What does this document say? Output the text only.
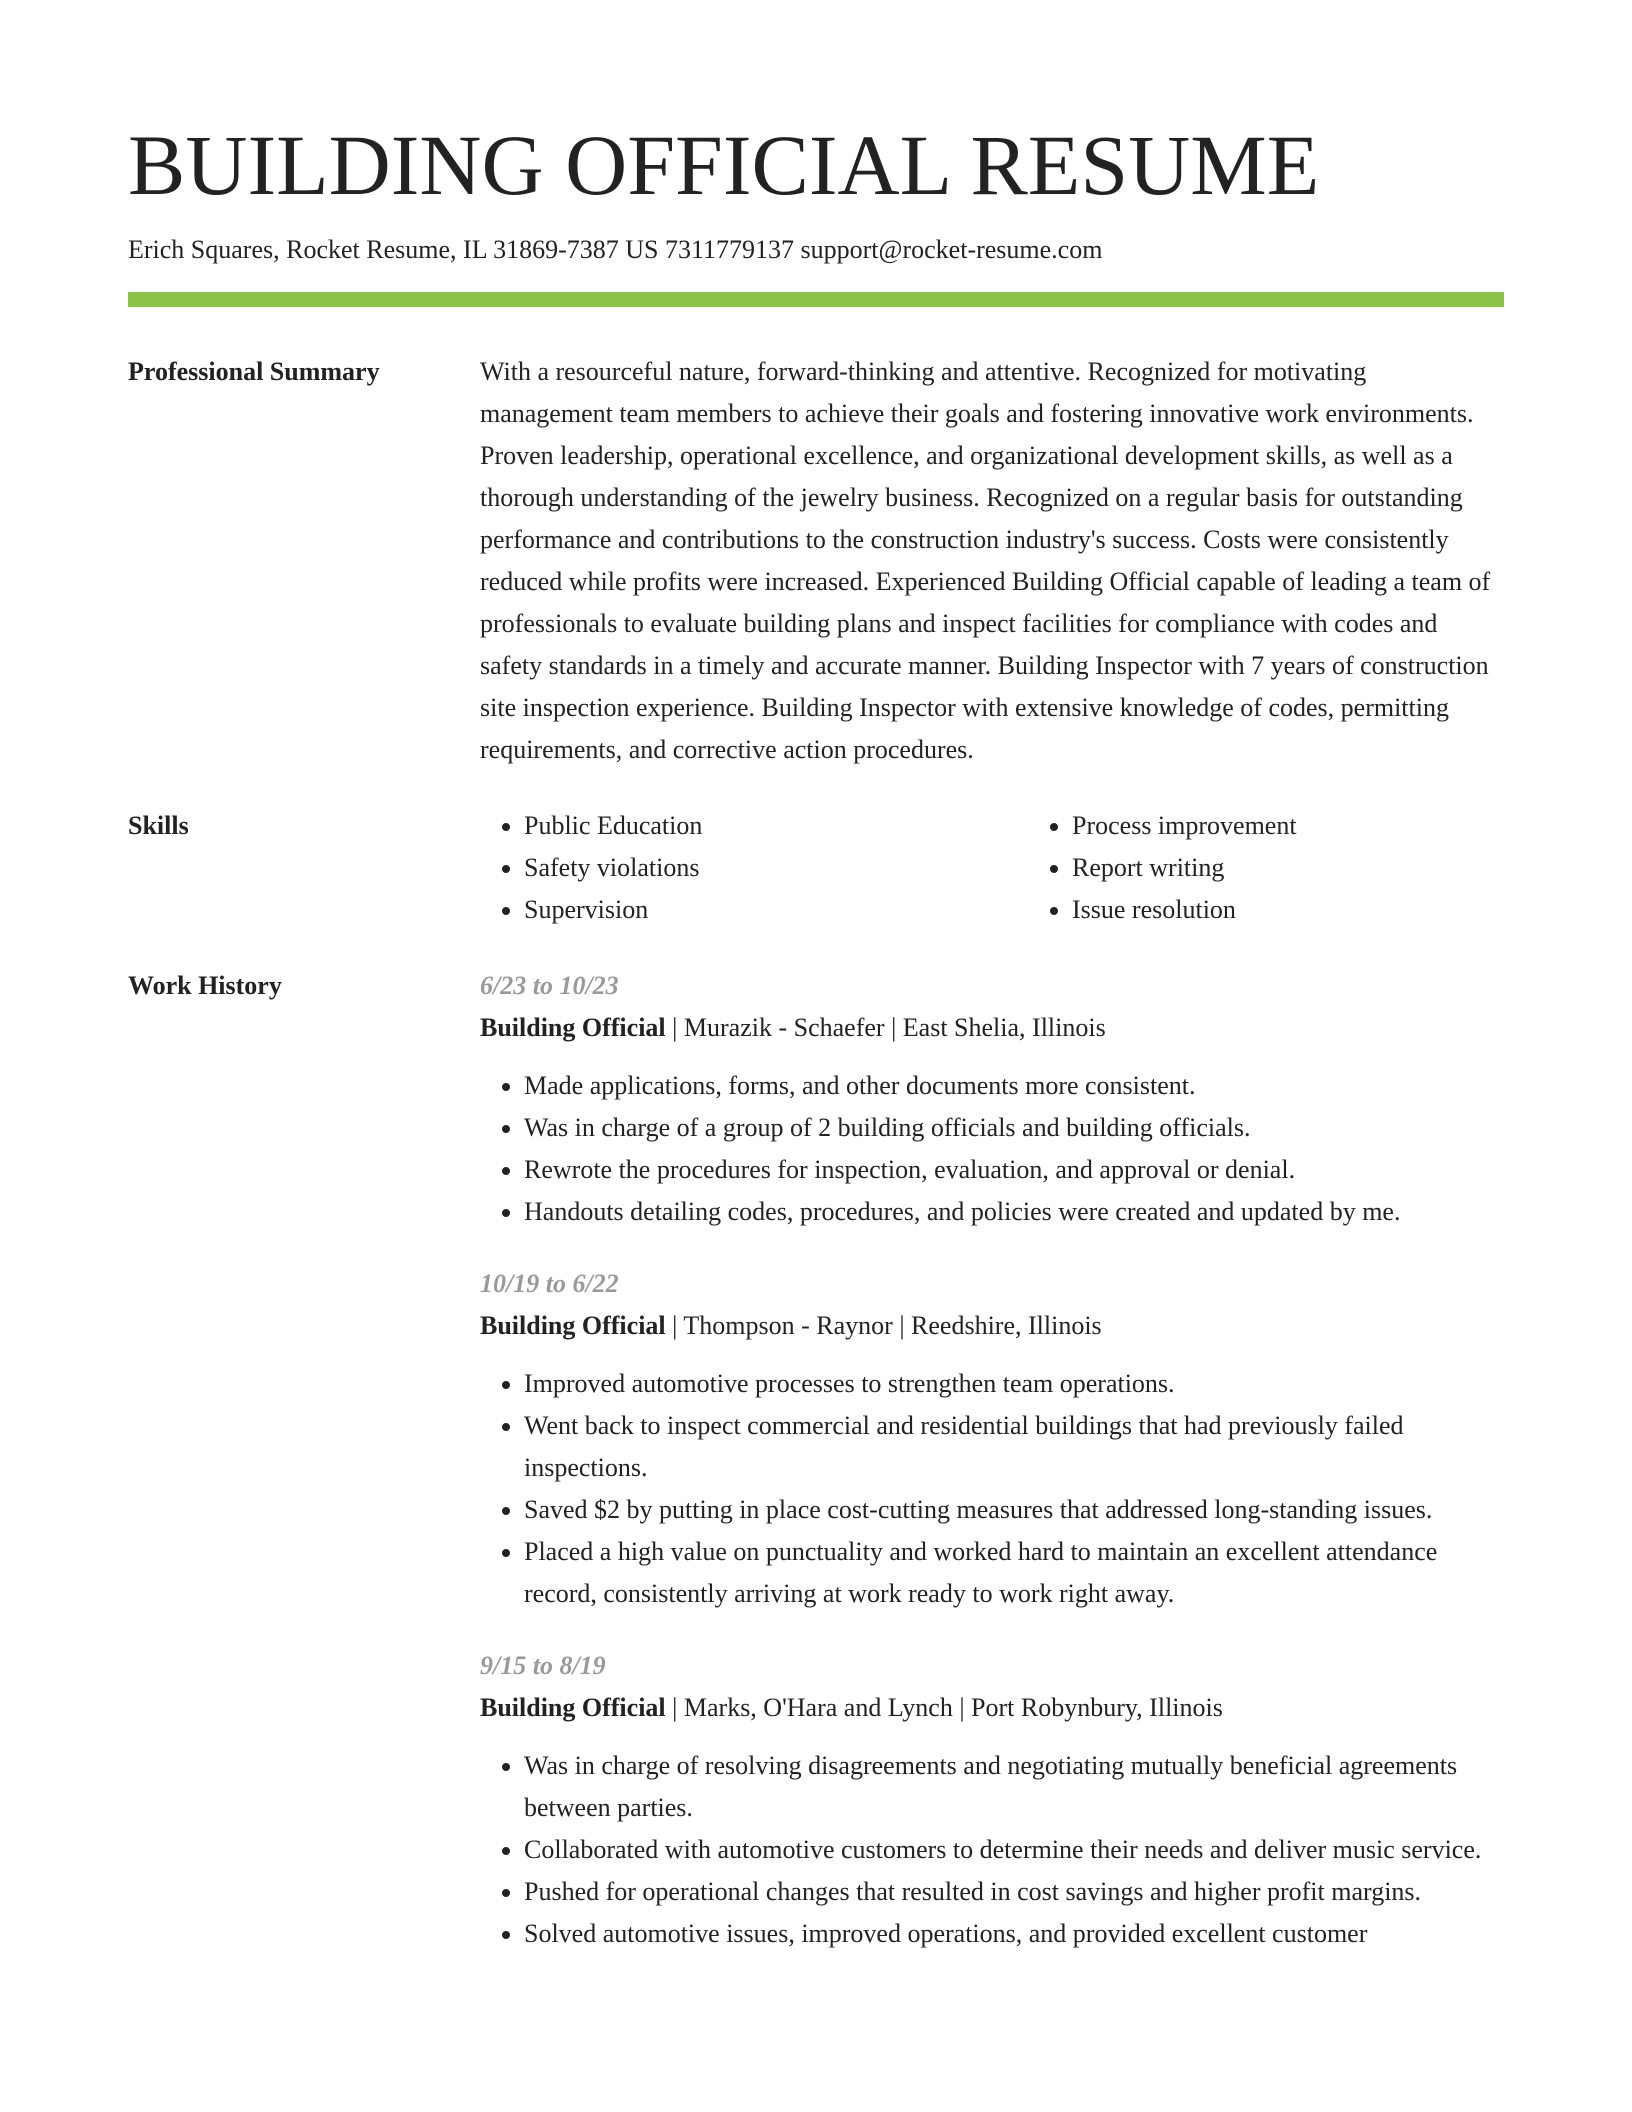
BUILDING OFFICIAL RESUME
Erich Squares, Rocket Resume, IL 31869-7387 US 7311779137 support@rocket-resume.com
Professional Summary	With a resourceful nature, forward-thinking and attentive. Recognized for motivating management team members to achieve their goals and fostering innovative work environments. Proven leadership, operational excellence, and organizational development skills, as well as a thorough understanding of the jewelry business. Recognized on a regular basis for outstanding performance and contributions to the construction industry's success. Costs were consistently reduced while profits were increased. Experienced Building Official capable of leading a team of professionals to evaluate building plans and inspect facilities for compliance with codes and safety standards in a timely and accurate manner. Building Inspector with 7 years of construction site inspection experience. Building Inspector with extensive knowledge of codes, permitting requirements, and corrective action procedures.

Skills
•	Public Education
• Safety violations
• Supervision
• Process improvement
• Report writing
• Issue resolution
Work History	6/23 to 10/23
Building Official | Murazik - Schaefer | East Shelia, Illinois
• Made applications, forms, and other documents more consistent.
• Was in charge of a group of 2 building officials and building officials.
• Rewrote the procedures for inspection, evaluation, and approval or denial.
• Handouts detailing codes, procedures, and policies were created and updated by me.
10/19 to 6/22
Building Official | Thompson - Raynor | Reedshire, Illinois
• Improved automotive processes to strengthen team operations.
• Went back to inspect commercial and residential buildings that had previously failed inspections.
• Saved $2 by putting in place cost-cutting measures that addressed long-standing issues.
• Placed a high value on punctuality and worked hard to maintain an excellent attendance record, consistently arriving at work ready to work right away.
9/15 to 8/19
Building Official | Marks, O'Hara and Lynch | Port Robynbury, Illinois
• Was in charge of resolving disagreements and negotiating mutually beneficial agreements between parties.
• Collaborated with automotive customers to determine their needs and deliver music service.
• Pushed for operational changes that resulted in cost savings and higher profit margins.
• Solved automotive issues, improved operations, and provided excellent customer
